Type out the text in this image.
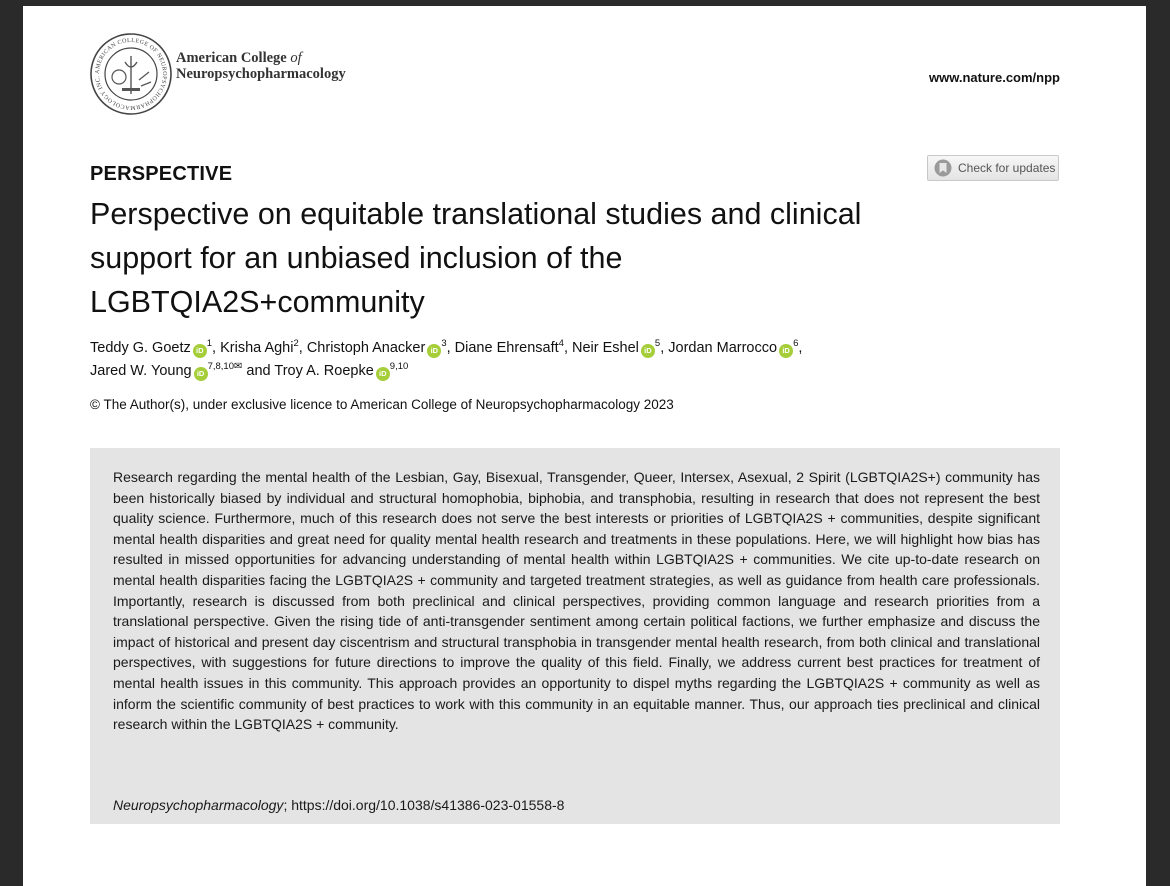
AMERICAN COLLEGE OF NEUROPSYCHOPHARMACOLOGY INC.
American College of
Neuropsychopharmacology	www.nature.com/npp
Check for updates
PERSPECTIVE
Perspective on equitable translational studies and clinical support for an unbiased inclusion of the LGBTQIA2S+community
Teddy G. Goetz $iD^1$, Krisha Aghi$^2$, Christoph Anacker $iD^3$, Diane Ehrensaft$^4$, Neir Eshel $iD^5$, Jordan Marrocco $iD^6$,
Jared W. Young $iD^{7,8,10✉}$ and Troy A. Roepke iD$^{9,10}$
© The Author(s), under exclusive licence to American College of Neuropsychopharmacology 2023

Research regarding the mental health of the Lesbian, Gay, Bisexual, Transgender, Queer, Intersex, Asexual, 2 Spirit (LGBTQIA2S+) community has been historically biased by individual and structural homophobia, biphobia, and transphobia, resulting in research that does not represent the best quality science. Furthermore, much of this research does not serve the best interests or priorities of LGBTQIA2S + communities, despite significant mental health disparities and great need for quality mental health research and treatments in these populations. Here, we will highlight how bias has resulted in missed opportunities for advancing understanding of mental health within LGBTQIA2S + communities. We cite up-to-date research on mental health disparities facing the LGBTQIA2S + community and targeted treatment strategies, as well as guidance from health care professionals. Importantly, research is discussed from both preclinical and clinical perspectives, providing common language and research priorities from a translational perspective. Given the rising tide of anti-transgender sentiment among certain political factions, we further emphasize and discuss the impact of historical and present day ciscentrism and structural transphobia in transgender mental health research, from both clinical and translational perspectives, with suggestions for future directions to improve the quality of this field. Finally, we address current best practices for treatment of mental health issues in this community. This approach provides an opportunity to dispel myths regarding the LGBTQIA2S + community as well as inform the scientific community of best practices to work with this community in an equitable manner. Thus, our approach ties preclinical and clinical research within the LGBTQIA2S + community.

Neuropsychopharmacology; https://doi.org/10.1038/s41386-023-01558-8
